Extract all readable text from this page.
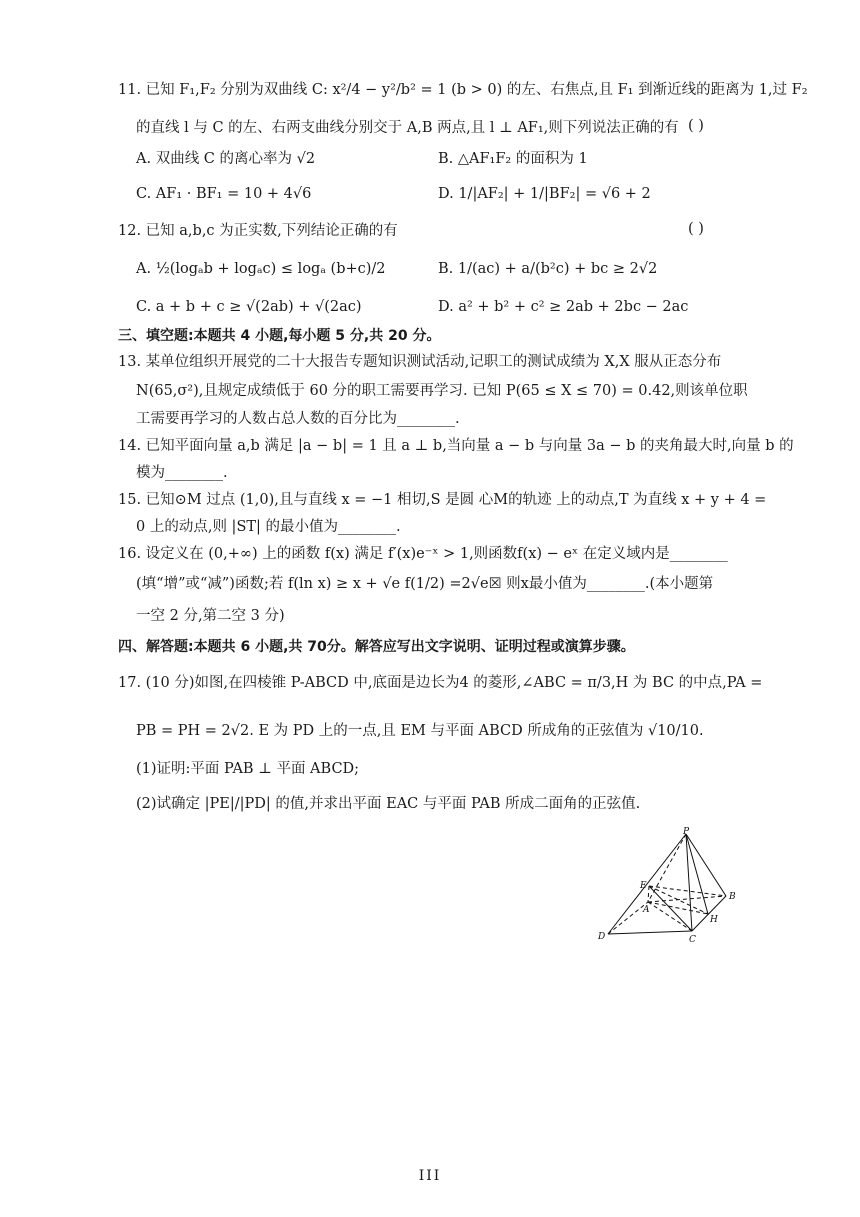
11. 已知 F₁,F₂ 分别为双曲线 C: x²/4 − y²/b² = 1 (b > 0) 的左、右焦点,且 F₁ 到渐近线的距离为 1,过 F₂
的直线 l 与 C 的左、右两支曲线分别交于 A,B 两点,且 l ⊥ AF₁,则下列说法正确的有 ( )
A. 双曲线 C 的离心率为 √2	B. △AF₁F₂ 的面积为 1
C. AF₁ · BF₁ = 10 + 4√6	D. 1/|AF₂| + 1/|BF₂| = √6 + 2
12. 已知 a,b,c 为正实数,下列结论正确的有	( )
A. ½(logₐb + logₐc) ≤ logₐ (b+c)/2	B. 1/(ac) + a/(b²c) + bc ≥ 2√2
C. a + b + c ≥ √(2ab) + √(2ac)	D. a² + b² + c² ≥ 2ab + 2bc − 2ac
三、填空题:本题共 4 小题,每小题 5 分,共 20 分。
13. 某单位组织开展党的二十大报告专题知识测试活动,记职工的测试成绩为 X,X 服从正态分布
N(65,σ²),且规定成绩低于 60 分的职工需要再学习. 已知 P(65 ≤ X ≤ 70) = 0.42,则该单位职
工需要再学习的人数占总人数的百分比为________.
14. 已知平面向量 a,b 满足 |a − b| = 1 且 a ⊥ b,当向量 a − b 与向量 3a − b 的夹角最大时,向量 b 的
模为________.
15. 已知⊙M 过点 (1,0),且与直线 x = −1 相切,S 是圆 心M的轨迹 上的动点,T 为直线 x + y + 4 =
0 上的动点,则 |ST| 的最小值为________.
16. 设定义在 (0,+∞) 上的函数 f(x) 满足 f′(x)e⁻ˣ > 1,则函数f(x) − eˣ 在定义域内是________
(填“增”或“减”)函数;若 f(ln x) ≥ x + √e f(1/2) =2√e☒ 则x最小值为________.(本小题第
一空 2 分,第二空 3 分)
四、解答题:本题共 6 小题,共 70分。解答应写出文字说明、证明过程或演算步骤。
17. (10 分)如图,在四棱锥 P-ABCD 中,底面是边长为4 的菱形,∠ABC = π/3,H 为 BC 的中点,PA =
PB = PH = 2√2. E 为 PD 上的一点,且 EM 与平面 ABCD 所成角的正弦值为 √10/10.
(1)证明:平面 PAB ⊥ 平面 ABCD;
(2)试确定 |PE|/|PD| 的值,并求出平面 EAC 与平面 PAB 所成二面角的正弦值.
P
E
A
B
H
C
D
III
